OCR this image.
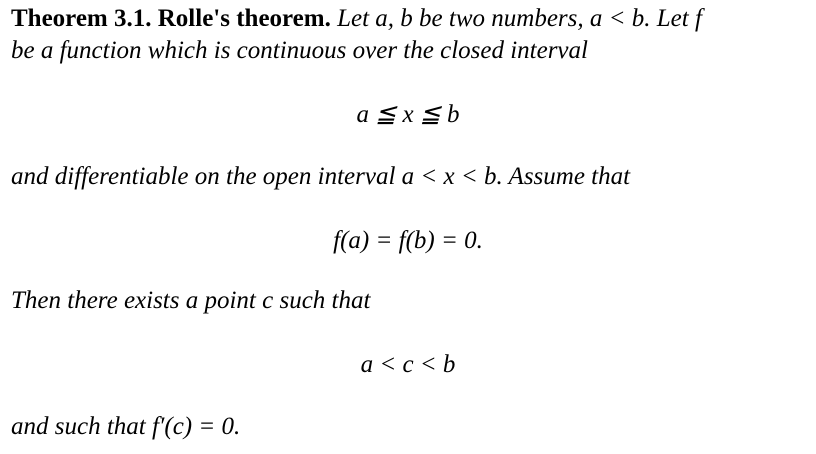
Theorem 3.1. Rolle's theorem. Let a, b be two numbers, a < b. Let f
be a function which is continuous over the closed interval
a ≦ x ≦ b
and differentiable on the open interval a < x < b. Assume that
f(a) = f(b) = 0.
Then there exists a point c such that
a < c < b
and such that f′(c) = 0.
